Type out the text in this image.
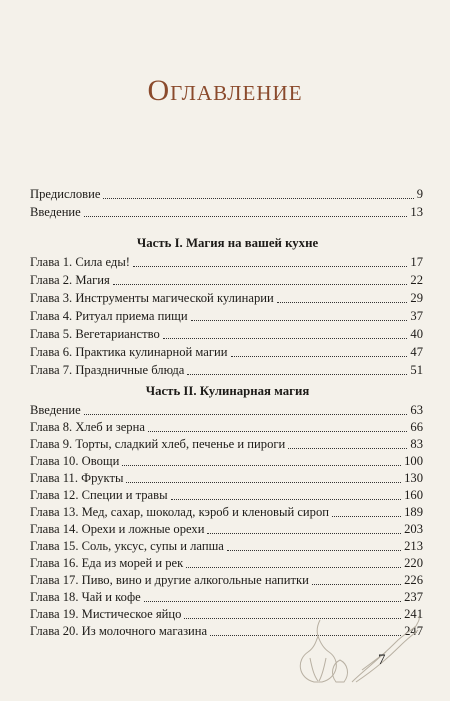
Оглавление
Предисловие	9
Введение	13
Часть I. Магия на вашей кухне
Глава 1. Сила еды!	17
Глава 2. Магия	22
Глава 3. Инструменты магической кулинарии	29
Глава 4. Ритуал приема пищи	37
Глава 5. Вегетарианство	40
Глава 6. Практика кулинарной магии	47
Глава 7. Праздничные блюда	51
Часть II. Кулинарная магия
Введение	63
Глава 8. Хлеб и зерна	66
Глава 9. Торты, сладкий хлеб, печенье и пироги	83
Глава 10. Овощи	100
Глава 11. Фрукты	130
Глава 12. Специи и травы	160
Глава 13. Мед, сахар, шоколад, кэроб и кленовый сироп	189
Глава 14. Орехи и ложные орехи	203
Глава 15. Соль, уксус, супы и лапша	213
Глава 16. Еда из морей и рек	220
Глава 17. Пиво, вино и другие алкогольные напитки	226
Глава 18. Чай и кофе	237
Глава 19. Мистическое яйцо	241
Глава 20. Из молочного магазина	247
7
